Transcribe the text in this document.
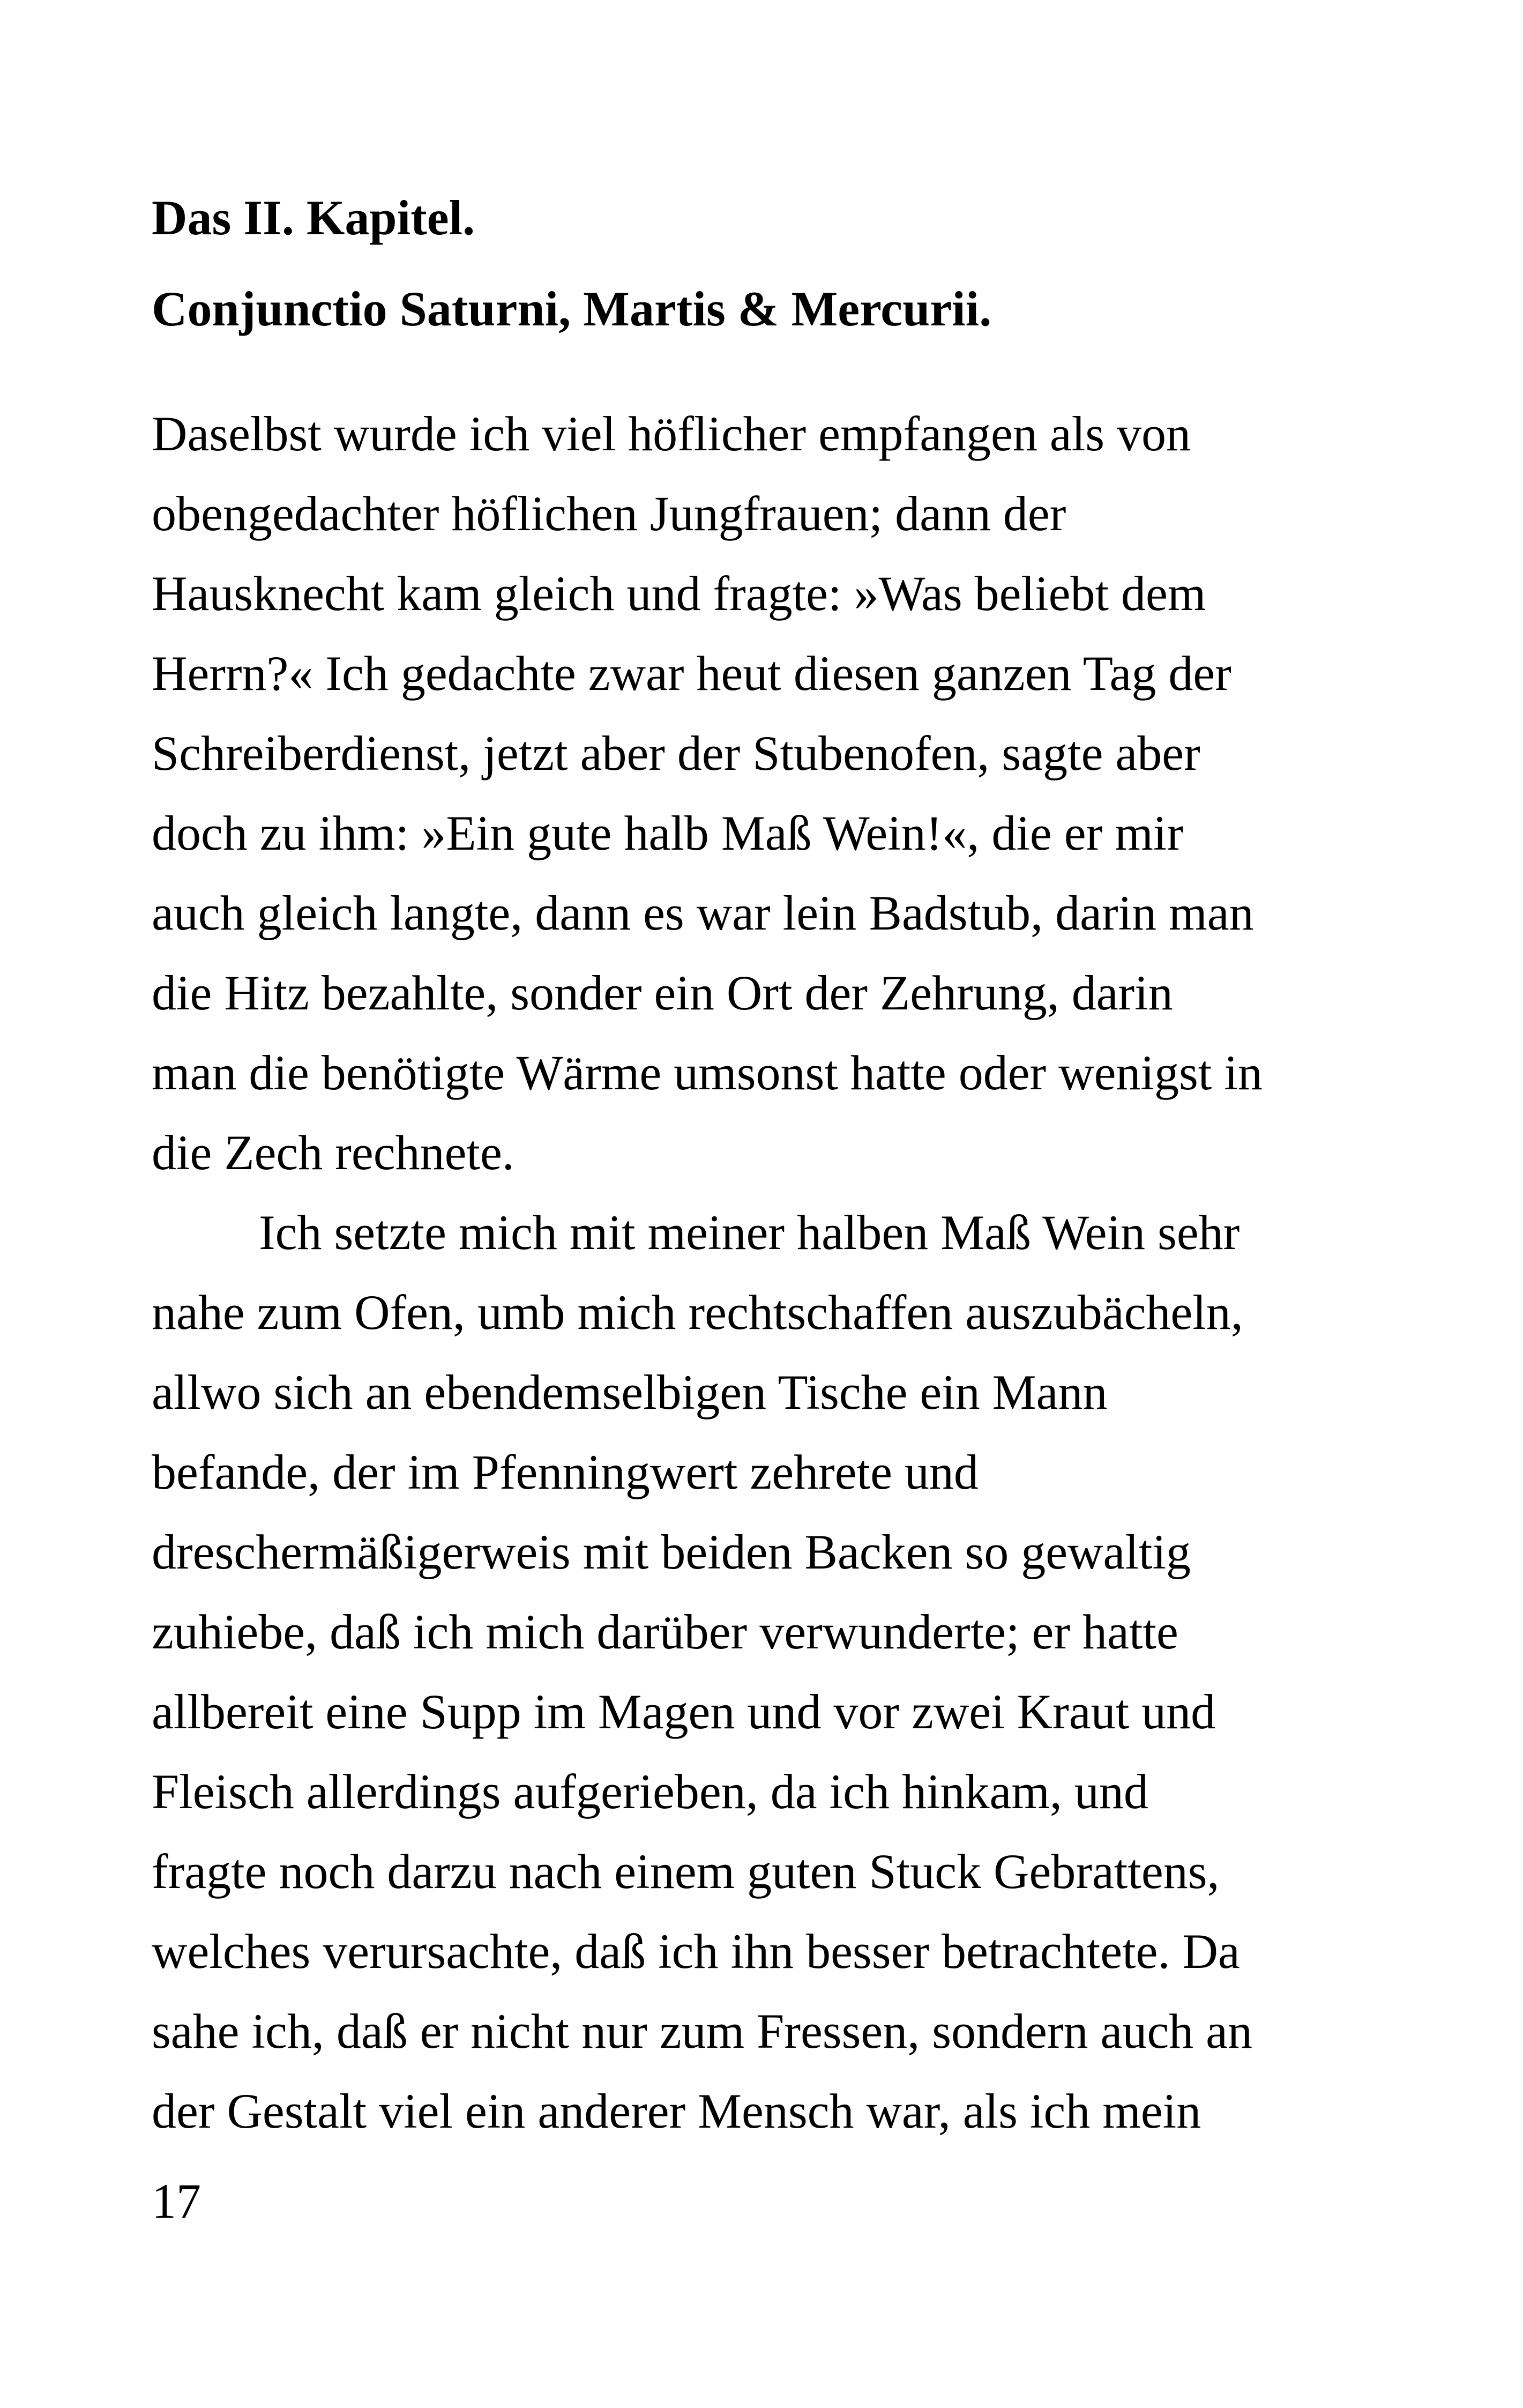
Das II. Kapitel.
Conjunctio Saturni, Martis & Mercurii.
Daselbst wurde ich viel höflicher empfangen als von
obengedachter höflichen Jungfrauen; dann der
Hausknecht kam gleich und fragte: »Was beliebt dem
Herrn?« Ich gedachte zwar heut diesen ganzen Tag der
Schreiberdienst, jetzt aber der Stubenofen, sagte aber
doch zu ihm: »Ein gute halb Maß Wein!«, die er mir
auch gleich langte, dann es war lein Badstub, darin man
die Hitz bezahlte, sonder ein Ort der Zehrung, darin
man die benötigte Wärme umsonst hatte oder wenigst in
die Zech rechnete.
Ich setzte mich mit meiner halben Maß Wein sehr
nahe zum Ofen, umb mich rechtschaffen auszubächeln,
allwo sich an ebendemselbigen Tische ein Mann
befande, der im Pfenningwert zehrete und
dreschermäßigerweis mit beiden Backen so gewaltig
zuhiebe, daß ich mich darüber verwunderte; er hatte
allbereit eine Supp im Magen und vor zwei Kraut und
Fleisch allerdings aufgerieben, da ich hinkam, und
fragte noch darzu nach einem guten Stuck Gebrattens,
welches verursachte, daß ich ihn besser betrachtete. Da
sahe ich, daß er nicht nur zum Fressen, sondern auch an
der Gestalt viel ein anderer Mensch war, als ich mein
17
